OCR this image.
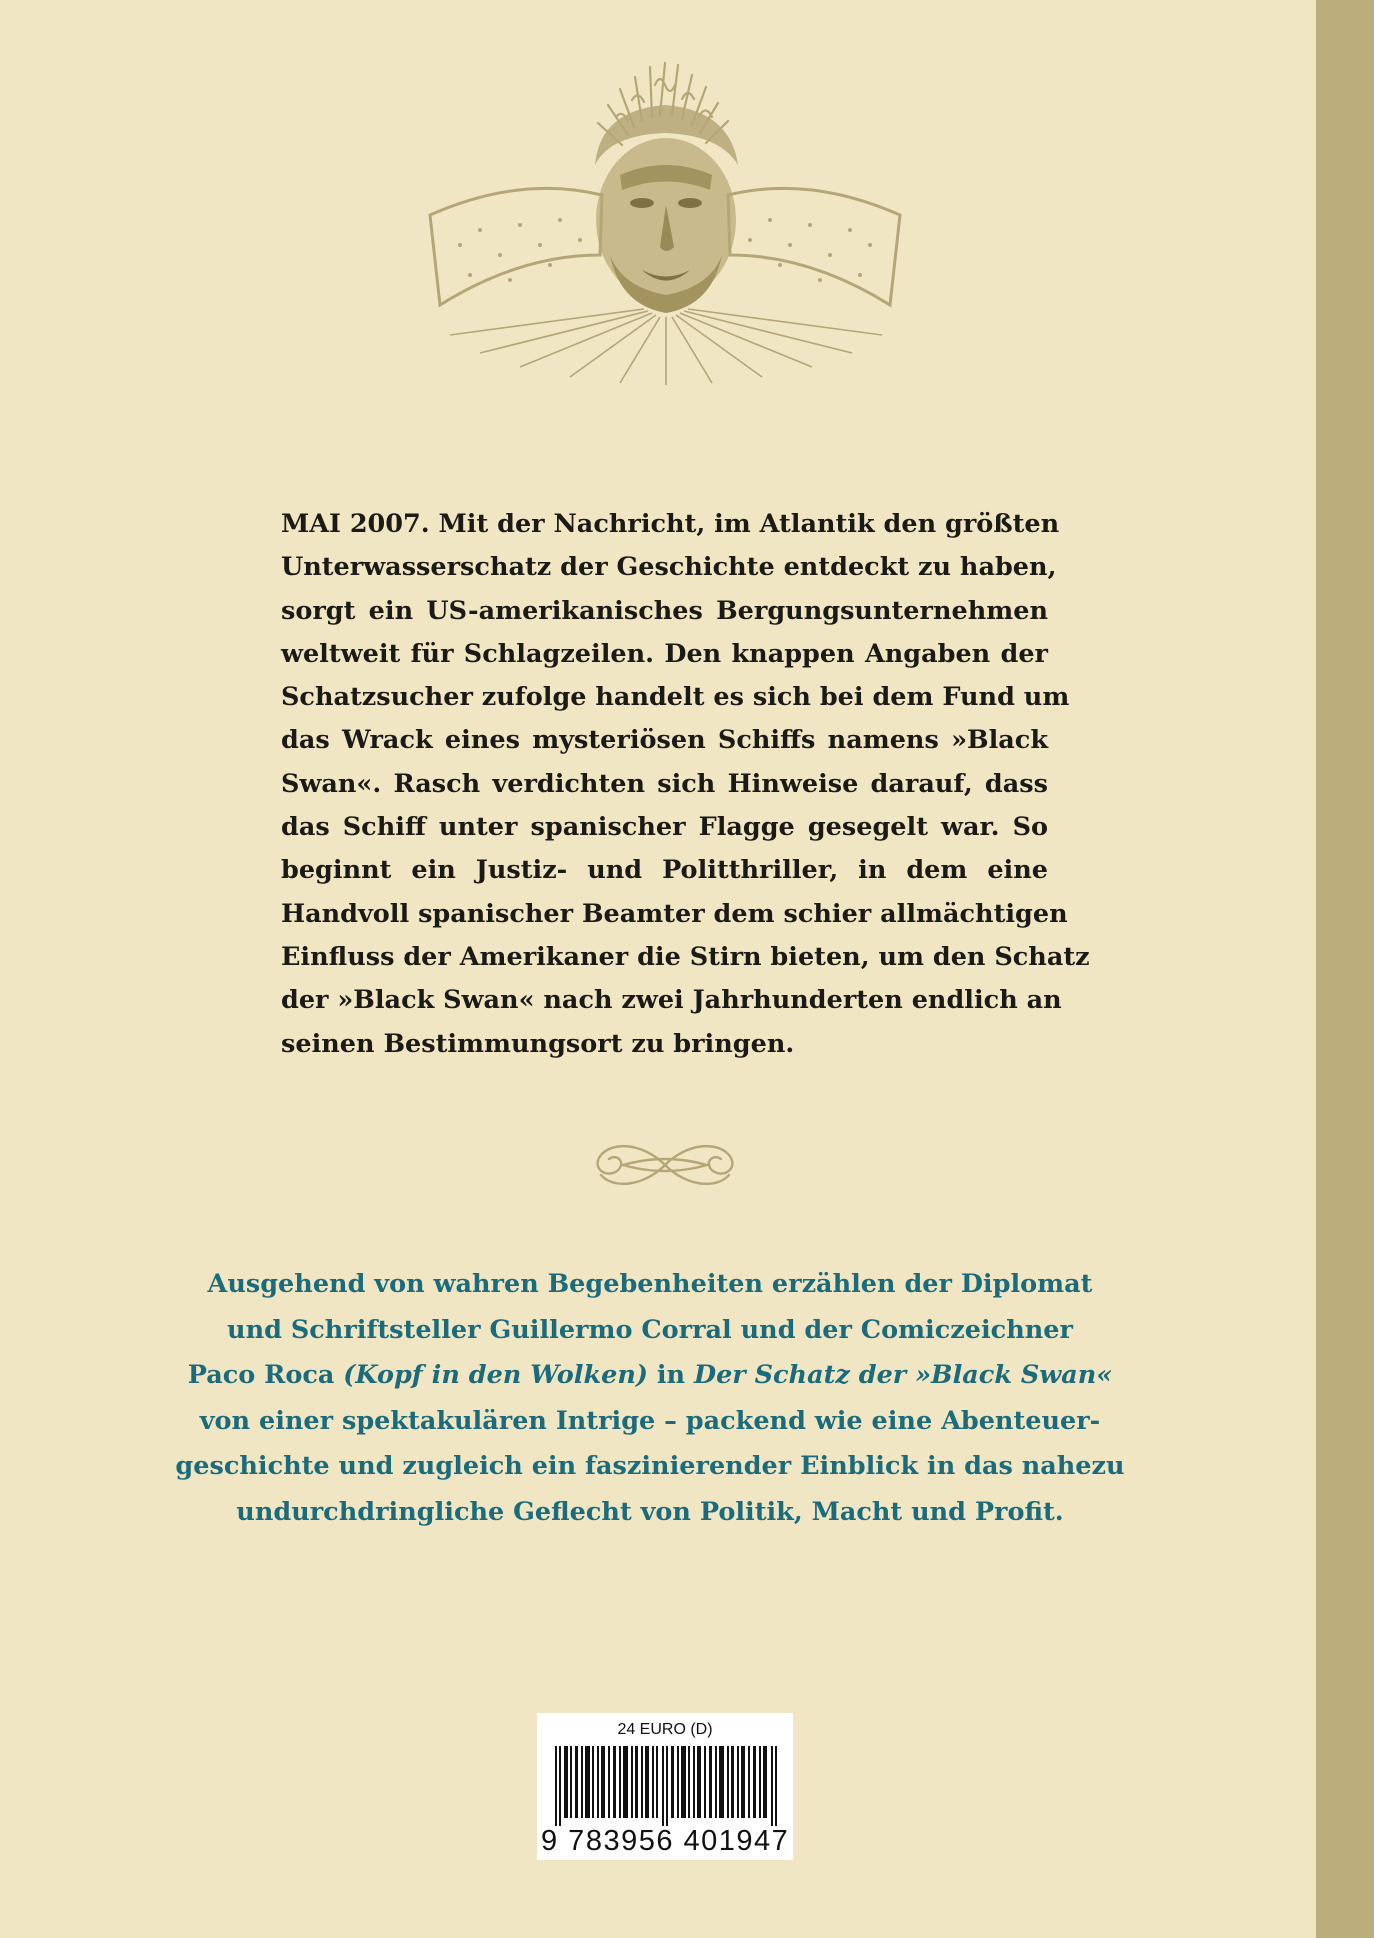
MAI 2007. Mit der Nachricht, im Atlantik den größten
Unterwasserschatz der Geschichte entdeckt zu haben,
sorgt ein US-amerikanisches Bergungsunternehmen
weltweit für Schlagzeilen. Den knappen Angaben der
Schatzsucher zufolge handelt es sich bei dem Fund um
das Wrack eines mysteriösen Schiffs namens »Black
Swan«. Rasch verdichten sich Hinweise darauf, dass
das Schiff unter spanischer Flagge gesegelt war. So
beginnt ein Justiz- und Politthriller, in dem eine
Handvoll spanischer Beamter dem schier allmächtigen
Einfluss der Amerikaner die Stirn bieten, um den Schatz
der »Black Swan« nach zwei Jahrhunderten endlich an
seinen Bestimmungsort zu bringen.

Ausgehend von wahren Begebenheiten erzählen der Diplomat
und Schriftsteller Guillermo Corral und der Comiczeichner
Paco Roca (Kopf in den Wolken) in Der Schatz der »Black Swan«
von einer spektakulären Intrige – packend wie eine Abenteuer-
geschichte und zugleich ein faszinierender Einblick in das nahezu
undurchdringliche Geflecht von Politik, Macht und Profit.
24 EURO (D)
9 783956 401947
